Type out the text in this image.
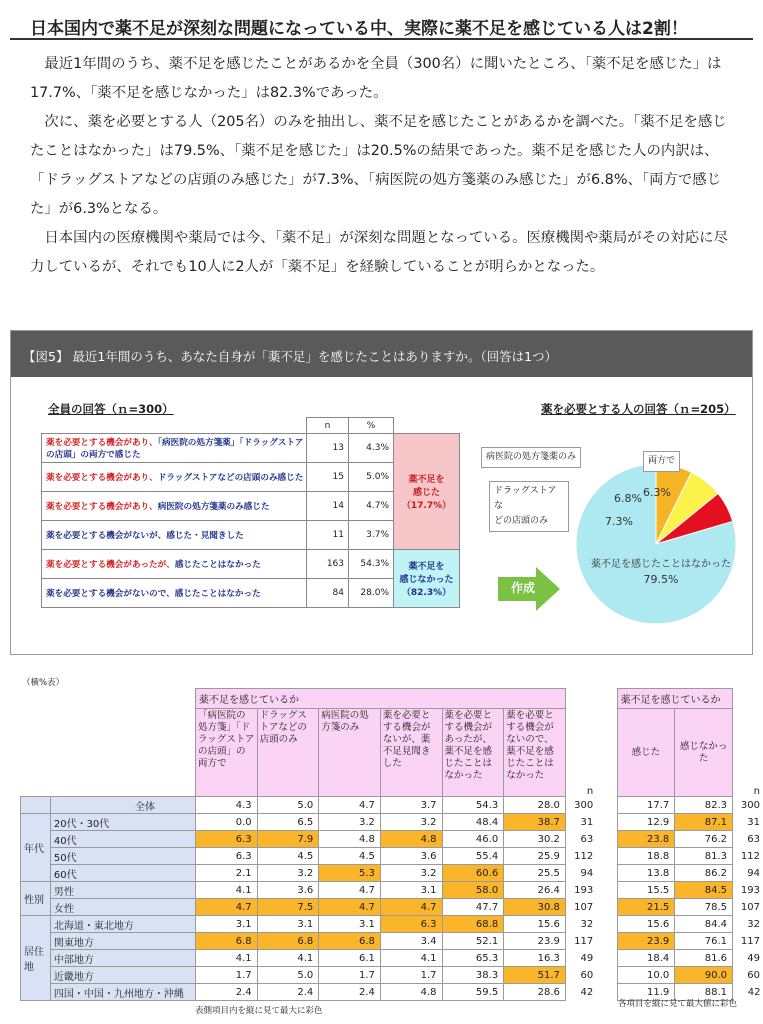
日本国内で薬不足が深刻な問題になっている中、実際に薬不足を感じている人は2割！

最近1年間のうち、薬不足を感じたことがあるかを全員（300名）に聞いたところ、「薬不足を感じた」は17.7%、「薬不足を感じなかった」は82.3%であった。

次に、薬を必要とする人（205名）のみを抽出し、薬不足を感じたことがあるかを調べた。「薬不足を感じたことはなかった」は79.5%、「薬不足を感じた」は20.5%の結果であった。薬不足を感じた人の内訳は、「ドラッグストアなどの店頭のみ感じた」が7.3%、「病医院の処方箋薬のみ感じた」が6.8%、「両方で感じた」が6.3%となる。

日本国内の医療機関や薬局では今、「薬不足」が深刻な問題となっている。医療機関や薬局がその対応に尽力しているが、それでも10人に2人が「薬不足」を経験していることが明らかとなった。

【図5】 最近1年間のうち、あなた自身が「薬不足」を感じたことはありますか。（回答は1つ）
全員の回答（ｎ=300）	薬を必要とする人の回答（ｎ=205）
	n	%	
薬を必要とする機会があり、「病医院の処方箋薬」「ドラッグストアの店頭」の両方で感じた	13	4.3%	薬不足を
感じた
（17.7%）

薬を必要とする機会があり、ドラッグストアなどの店頭のみ感じた	15	5.0%	
薬を必要とする機会があり、病医院の処方箋薬のみ感じた	14	4.7%	
薬を必要とする機会がないが、感じた・見聞きした	11	3.7%	
薬を必要とする機会があったが、感じたことはなかった	163	54.3%	薬不足を
感じなかった
（82.3%）

薬を必要とする機会がないので、感じたことはなかった	84	28.0%		作成
薬不足を感じたことはなかった
79.5%
7.3%
6.8% 6.3%
病医院の処方箋薬のみ	両方で
ドラッグストアな
どの店頭のみ
（横%表）
		薬不足を感じているか								薬不足を感じているか		
		「病医院の処方箋」「ドラッグストアの店頭」の両方で	ドラッグストアなどの店頭のみ	病医院の処方箋のみ	薬を必要とする機会がないが、薬不足見聞きした	薬を必要とする機会があったが、薬不足を感じたことはなかった	薬を必要とする機会がないので、薬不足を感じたことはなかった	n		感じた	感じなかった	n
	全体	4.3	5.0	4.7	3.7	54.3	28.0	300		17.7	82.3	300
年代	20代・30代	0.0	6.5	3.2	3.2	48.4	38.7	31		12.9	87.1	31
	40代	6.3	7.9	4.8	4.8	46.0	30.2	63		23.8	76.2	63
	50代	6.3	4.5	4.5	3.6	55.4	25.9	112		18.8	81.3	112
	60代	2.1	3.2	5.3	3.2	60.6	25.5	94		13.8	86.2	94
性別	男性	4.1	3.6	4.7	3.1	58.0	26.4	193		15.5	84.5	193
	女性	4.7	7.5	4.7	4.7	47.7	30.8	107		21.5	78.5	107
居住地	北海道・東北地方	3.1	3.1	3.1	6.3	68.8	15.6	32		15.6	84.4	32
	関東地方	6.8	6.8	6.8	3.4	52.1	23.9	117		23.9	76.1	117
	中部地方	4.1	4.1	6.1	4.1	65.3	16.3	49		18.4	81.6	49
	近畿地方	1.7	5.0	1.7	1.7	38.3	51.7	60		10.0	90.0	60
	四国・中国・九州地方・沖縄	2.4	2.4	2.4	4.8	59.5	28.6	42		11.9	88.1	42
表側項目内を縦に見て最大に彩色
各項目を縦に見て最大値に彩色
